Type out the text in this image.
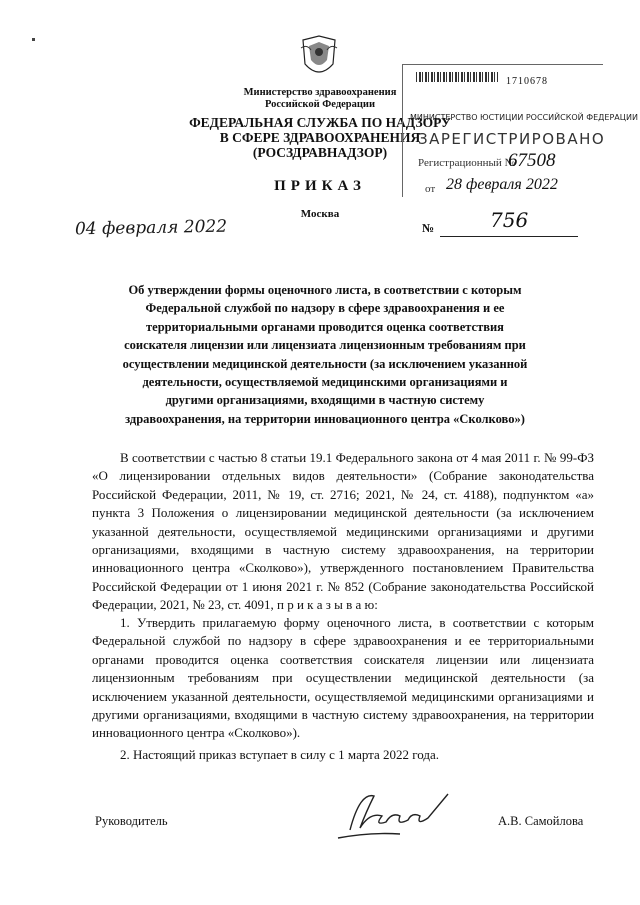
Министерство здравоохранения
Российской Федерации
ФЕДЕРАЛЬНАЯ СЛУЖБА ПО НАДЗОРУ
В СФЕРЕ ЗДРАВООХРАНЕНИЯ
(РОСЗДРАВНАДЗОР)
ПРИКАЗ
Москва
04 февраля 2022	№	756
1710678
МИНИСТЕРСТВО ЮСТИЦИИ РОССИЙСКОЙ ФЕДЕРАЦИИ
ЗАРЕГИСТРИРОВАНО
Регистрационный №
67508
от 28 февраля 2022
Об утверждении формы оценочного листа, в соответствии с которым Федеральной службой по надзору в сфере здравоохранения и ее территориальными органами проводится оценка соответствия соискателя лицензии или лицензиата лицензионным требованиям при осуществлении медицинской деятельности (за исключением указанной деятельности, осуществляемой медицинскими организациями и другими организациями, входящими в частную систему здравоохранения, на территории инновационного центра «Сколково»)
В соответствии с частью 8 статьи 19.1 Федерального закона от 4 мая 2011 г. № 99-ФЗ «О лицензировании отдельных видов деятельности» (Собрание законодательства Российской Федерации, 2011, № 19, ст. 2716; 2021, № 24, ст. 4188), подпунктом «а» пункта 3 Положения о лицензировании медицинской деятельности (за исключением указанной деятельности, осуществляемой медицинскими организациями и другими организациями, входящими в частную систему здравоохранения, на территории инновационного центра «Сколково»), утвержденного постановлением Правительства Российской Федерации от 1 июня 2021 г. № 852 (Собрание законодательства Российской Федерации, 2021, № 23, ст. 4091, п р и к а з ы в а ю:
1. Утвердить прилагаемую форму оценочного листа, в соответствии с которым Федеральной службой по надзору в сфере здравоохранения и ее территориальными органами проводится оценка соответствия соискателя лицензии или лицензиата лицензионным требованиям при осуществлении медицинской деятельности (за исключением указанной деятельности, осуществляемой медицинскими организациями и другими организациями, входящими в частную систему здравоохранения, на территории инновационного центра «Сколково»).
2. Настоящий приказ вступает в силу с 1 марта 2022 года.
Руководитель	А.В. Самойлова
